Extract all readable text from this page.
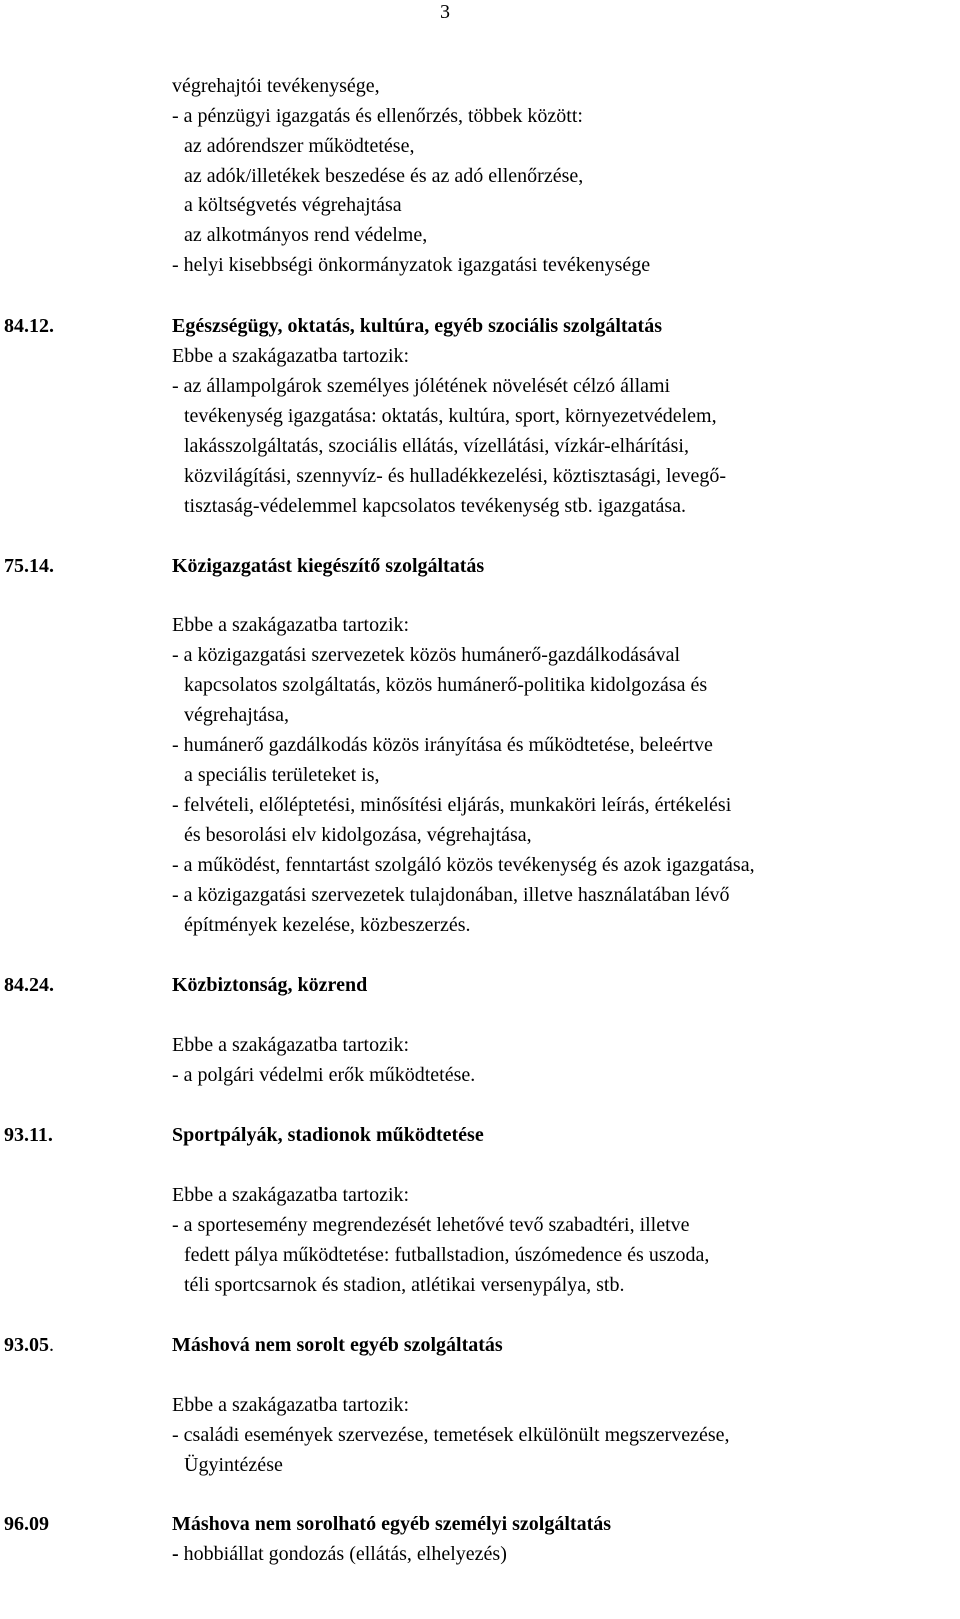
3
végrehajtói tevékenysége,
- a pénzügyi igazgatás és ellenőrzés, többek között:
az adórendszer működtetése,
az adók/illetékek beszedése és az adó ellenőrzése,
a költségvetés végrehajtása
az alkotmányos rend védelme,
- helyi kisebbségi önkormányzatok igazgatási tevékenysége
84.12.	Egészségügy, oktatás, kultúra, egyéb szociális szolgáltatás
Ebbe a szakágazatba tartozik:
- az állampolgárok személyes jólétének növelését célzó állami
tevékenység igazgatása: oktatás, kultúra, sport, környezetvédelem,
lakásszolgáltatás, szociális ellátás, vízellátási, vízkár-elhárítási,
közvilágítási, szennyvíz- és hulladékkezelési, köztisztasági, levegő-
tisztaság-védelemmel kapcsolatos tevékenység stb. igazgatása.
75.14.	Közigazgatást kiegészítő szolgáltatás
Ebbe a szakágazatba tartozik:
- a közigazgatási szervezetek közös humánerő-gazdálkodásával
kapcsolatos szolgáltatás, közös humánerő-politika kidolgozása és
végrehajtása,
- humánerő gazdálkodás közös irányítása és működtetése, beleértve
a speciális területeket is,
- felvételi, előléptetési, minősítési eljárás, munkaköri leírás, értékelési
és besorolási elv kidolgozása, végrehajtása,
- a működést, fenntartást szolgáló közös tevékenység és azok igazgatása,
- a közigazgatási szervezetek tulajdonában, illetve használatában lévő
építmények kezelése, közbeszerzés.
84.24.	Közbiztonság, közrend
Ebbe a szakágazatba tartozik:
- a polgári védelmi erők működtetése.
93.11.	Sportpályák, stadionok működtetése
Ebbe a szakágazatba tartozik:
- a sportesemény megrendezését lehetővé tevő szabadtéri, illetve
fedett pálya működtetése: futballstadion, úszómedence és uszoda,
téli sportcsarnok és stadion, atlétikai versenypálya, stb.
93.05.	Máshová nem sorolt egyéb szolgáltatás
Ebbe a szakágazatba tartozik:
- családi események szervezése, temetések elkülönült megszervezése,
Ügyintézése
96.09	Máshova nem sorolható egyéb személyi szolgáltatás
- hobbiállat gondozás (ellátás, elhelyezés)
